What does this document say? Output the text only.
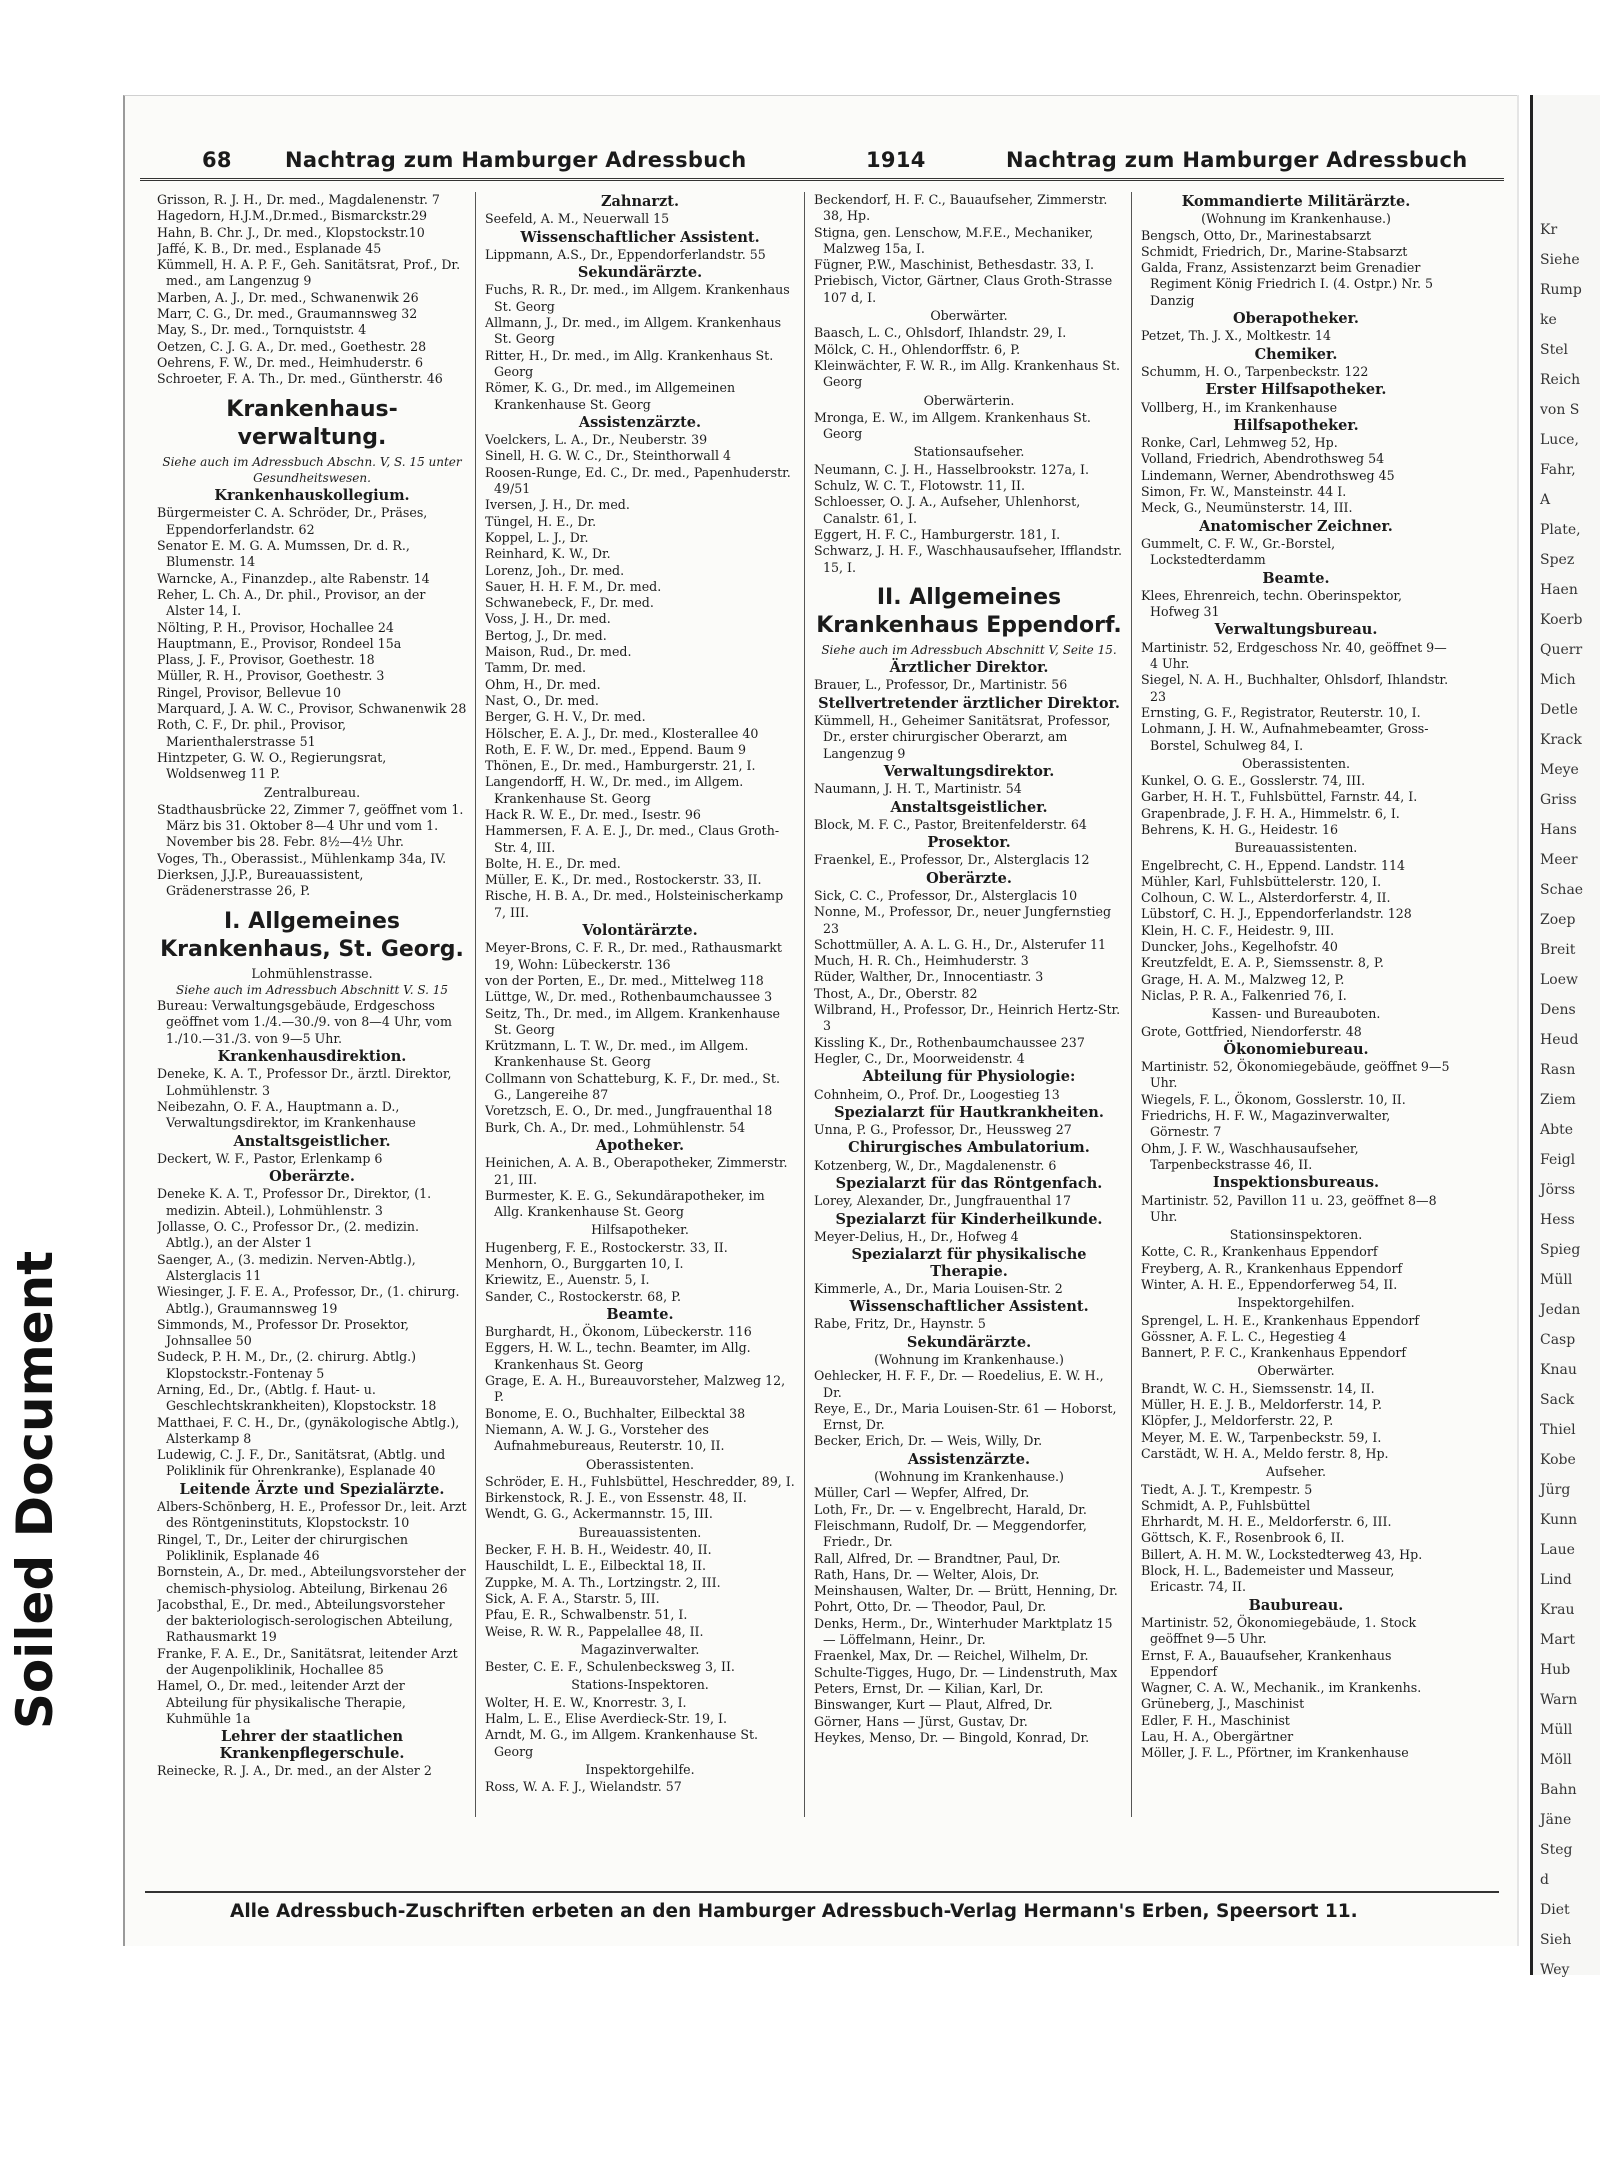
Soiled Document
68	Nachtrag zum Hamburger Adressbuch	1914	Nachtrag zum Hamburger Adressbuch

Grisson, R. J. H., Dr. med., Magdalenenstr. 7

Hagedorn, H.J.M.,Dr.med., Bismarckstr.29

Hahn, B. Chr. J., Dr. med., Klopstockstr.10

Jaffé, K. B., Dr. med., Esplanade 45

Kümmell, H. A. P. F., Geh. Sanitätsrat, Prof., Dr. med., am Langenzug 9

Marben, A. J., Dr. med., Schwanenwik 26

Marr, C. G., Dr. med., Graumannsweg 32

May, S., Dr. med., Tornquiststr. 4

Oetzen, C. J. G. A., Dr. med., Goethestr. 28

Oehrens, F. W., Dr. med., Heimhuderstr. 6

Schroeter, F. A. Th., Dr. med., Güntherstr. 46

Krankenhaus-verwaltung.

Siehe auch im Adressbuch Abschn. V, S. 15 unter Gesundheitswesen.

Krankenhauskollegium.

Bürgermeister C. A. Schröder, Dr., Präses, Eppendorferlandstr. 62

Senator E. M. G. A. Mumssen, Dr. d. R., Blumenstr. 14

Warncke, A., Finanzdep., alte Rabenstr. 14

Reher, L. Ch. A., Dr. phil., Provisor, an der Alster 14, I.

Nölting, P. H., Provisor, Hochallee 24

Hauptmann, E., Provisor, Rondeel 15a

Plass, J. F., Provisor, Goethestr. 18

Müller, R. H., Provisor, Goethestr. 3

Ringel, Provisor, Bellevue 10

Marquard, J. A. W. C., Provisor, Schwanenwik 28

Roth, C. F., Dr. phil., Provisor, Marienthalerstrasse 51

Hintzpeter, G. W. O., Regierungsrat, Woldsenweg 11 P.

Zentralbureau.

Stadthausbrücke 22, Zimmer 7, geöffnet vom 1. März bis 31. Oktober 8—4 Uhr und vom 1. November bis 28. Febr. 8½—4½ Uhr.

Voges, Th., Oberassist., Mühlenkamp 34a, IV.

Dierksen, J.J.P., Bureauassistent, Grädenerstrasse 26, P.

I. Allgemeines Krankenhaus, St. Georg.

Lohmühlenstrasse.

Siehe auch im Adressbuch Abschnitt V. S. 15

Bureau: Verwaltungsgebäude, Erdgeschoss geöffnet vom 1./4.—30./9. von 8—4 Uhr, vom 1./10.—31./3. von 9—5 Uhr.

Krankenhausdirektion.

Deneke, K. A. T., Professor Dr., ärztl. Direktor, Lohmühlenstr. 3

Neibezahn, O. F. A., Hauptmann a. D., Verwaltungsdirektor, im Krankenhause

Anstaltsgeistlicher.

Deckert, W. F., Pastor, Erlenkamp 6

Oberärzte.

Deneke K. A. T., Professor Dr., Direktor, (1. medizin. Abteil.), Lohmühlenstr. 3

Jollasse, O. C., Professor Dr., (2. medizin. Abtlg.), an der Alster 1

Saenger, A., (3. medizin. Nerven-Abtlg.), Alsterglacis 11

Wiesinger, J. F. E. A., Professor, Dr., (1. chirurg. Abtlg.), Graumannsweg 19

Simmonds, M., Professor Dr. Prosektor, Johnsallee 50

Sudeck, P. H. M., Dr., (2. chirurg. Abtlg.) Klopstockstr.-Fontenay 5

Arning, Ed., Dr., (Abtlg. f. Haut- u. Geschlechtskrankheiten), Klopstockstr. 18

Matthaei, F. C. H., Dr., (gynäkologische Abtlg.), Alsterkamp 8

Ludewig, C. J. F., Dr., Sanitätsrat, (Abtlg. und Poliklinik für Ohrenkranke), Esplanade 40

Leitende Ärzte und Spezialärzte.

Albers-Schönberg, H. E., Professor Dr., leit. Arzt des Röntgeninstituts, Klopstockstr. 10

Ringel, T., Dr., Leiter der chirurgischen Poliklinik, Esplanade 46

Bornstein, A., Dr. med., Abteilungsvorsteher der chemisch-physiolog. Abteilung, Birkenau 26

Jacobsthal, E., Dr. med., Abteilungsvorsteher der bakteriologisch-serologischen Abteilung, Rathausmarkt 19

Franke, F. A. E., Dr., Sanitätsrat, leitender Arzt der Augenpoliklinik, Hochallee 85

Hamel, O., Dr. med., leitender Arzt der Abteilung für physikalische Therapie, Kuhmühle 1a

Lehrer der staatlichen Krankenpflegerschule.

Reinecke, R. J. A., Dr. med., an der Alster 2

Zahnarzt.

Seefeld, A. M., Neuerwall 15

Wissenschaftlicher Assistent.

Lippmann, A.S., Dr., Eppendorferlandstr. 55

Sekundärärzte.

Fuchs, R. R., Dr. med., im Allgem. Krankenhaus St. Georg

Allmann, J., Dr. med., im Allgem. Krankenhaus St. Georg

Ritter, H., Dr. med., im Allg. Krankenhaus St. Georg

Römer, K. G., Dr. med., im Allgemeinen Krankenhause St. Georg

Assistenzärzte.

Voelckers, L. A., Dr., Neuberstr. 39

Sinell, H. G. W. C., Dr., Steinthorwall 4

Roosen-Runge, Ed. C., Dr. med., Papenhuderstr. 49/51

Iversen, J. H., Dr. med.

Tüngel, H. E., Dr.

Koppel, L. J., Dr.

Reinhard, K. W., Dr.

Lorenz, Joh., Dr. med.

Sauer, H. H. F. M., Dr. med.

Schwanebeck, F., Dr. med.

Voss, J. H., Dr. med.

Bertog, J., Dr. med.

Maison, Rud., Dr. med.

Tamm, Dr. med.

Ohm, H., Dr. med.

Nast, O., Dr. med.

Berger, G. H. V., Dr. med.

Hölscher, E. A. J., Dr. med., Klosterallee 40

Roth, E. F. W., Dr. med., Eppend. Baum 9

Thönen, E., Dr. med., Hamburgerstr. 21, I.

Langendorff, H. W., Dr. med., im Allgem. Krankenhause St. Georg

Hack R. W. E., Dr. med., Isestr. 96

Hammersen, F. A. E. J., Dr. med., Claus Groth-Str. 4, III.

Bolte, H. E., Dr. med.

Müller, E. K., Dr. med., Rostockerstr. 33, II.

Rische, H. B. A., Dr. med., Holsteinischerkamp 7, III.

Volontärärzte.

Meyer-Brons, C. F. R., Dr. med., Rathausmarkt 19, Wohn: Lübeckerstr. 136

von der Porten, E., Dr. med., Mittelweg 118

Lüttge, W., Dr. med., Rothenbaumchaussee 3

Seitz, Th., Dr. med., im Allgem. Krankenhause St. Georg

Krützmann, L. T. W., Dr. med., im Allgem. Krankenhause St. Georg

Collmann von Schatteburg, K. F., Dr. med., St. G., Langereihe 87

Voretzsch, E. O., Dr. med., Jungfrauenthal 18

Burk, Ch. A., Dr. med., Lohmühlenstr. 54

Apotheker.

Heinichen, A. A. B., Oberapotheker, Zimmerstr. 21, III.

Burmester, K. E. G., Sekundärapotheker, im Allg. Krankenhause St. Georg

Hilfsapotheker.

Hugenberg, F. E., Rostockerstr. 33, II.

Menhorn, O., Burggarten 10, I.

Kriewitz, E., Auenstr. 5, I.

Sander, C., Rostockerstr. 68, P.

Beamte.

Burghardt, H., Ökonom, Lübeckerstr. 116

Eggers, H. W. L., techn. Beamter, im Allg. Krankenhaus St. Georg

Grage, E. A. H., Bureauvorsteher, Malzweg 12, P.

Bonome, E. O., Buchhalter, Eilbecktal 38

Niemann, A. W. J. G., Vorsteher des Aufnahmebureaus, Reuterstr. 10, II.

Oberassistenten.

Schröder, E. H., Fuhlsbüttel, Heschredder, 89, I.

Birkenstock, R. J. E., von Essenstr. 48, II.

Wendt, G. G., Ackermannstr. 15, III.

Bureauassistenten.

Becker, F. H. B. H., Weidestr. 40, II.

Hauschildt, L. E., Eilbecktal 18, II.

Zuppke, M. A. Th., Lortzingstr. 2, III.

Sick, A. F. A., Starstr. 5, III.

Pfau, E. R., Schwalbenstr. 51, I.

Weise, R. W. R., Pappelallee 48, II.

Magazinverwalter.

Bester, C. E. F., Schulenbecksweg 3, II.

Stations-Inspektoren.

Wolter, H. E. W., Knorrestr. 3, I.

Halm, L. E., Elise Averdieck-Str. 19, I.

Arndt, M. G., im Allgem. Krankenhause St. Georg

Inspektorgehilfe.

Ross, W. A. F. J., Wielandstr. 57

Beckendorf, H. F. C., Bauaufseher, Zimmerstr. 38, Hp.

Stigna, gen. Lenschow, M.F.E., Mechaniker, Malzweg 15a, I.

Fügner, P.W., Maschinist, Bethesdastr. 33, I.

Priebisch, Victor, Gärtner, Claus Groth-Strasse 107 d, I.

Oberwärter.

Baasch, L. C., Ohlsdorf, Ihlandstr. 29, I.

Mölck, C. H., Ohlendorffstr. 6, P.

Kleinwächter, F. W. R., im Allg. Krankenhaus St. Georg

Oberwärterin.

Mronga, E. W., im Allgem. Krankenhaus St. Georg

Stationsaufseher.

Neumann, C. J. H., Hasselbrookstr. 127a, I.

Schulz, W. C. T., Flotowstr. 11, II.

Schloesser, O. J. A., Aufseher, Uhlenhorst, Canalstr. 61, I.

Eggert, H. F. C., Hamburgerstr. 181, I.

Schwarz, J. H. F., Waschhausaufseher, Ifflandstr. 15, I.

II. Allgemeines Krankenhaus Eppendorf.

Siehe auch im Adressbuch Abschnitt V, Seite 15.

Ärztlicher Direktor.

Brauer, L., Professor, Dr., Martinistr. 56

Stellvertretender ärztlicher Direktor.

Kümmell, H., Geheimer Sanitätsrat, Professor, Dr., erster chirurgischer Oberarzt, am Langenzug 9

Verwaltungsdirektor.

Naumann, J. H. T., Martinistr. 54

Anstaltsgeistlicher.

Block, M. F. C., Pastor, Breitenfelderstr. 64

Prosektor.

Fraenkel, E., Professor, Dr., Alsterglacis 12

Oberärzte.

Sick, C. C., Professor, Dr., Alsterglacis 10

Nonne, M., Professor, Dr., neuer Jungfernstieg 23

Schottmüller, A. A. L. G. H., Dr., Alsterufer 11

Much, H. R. Ch., Heimhuderstr. 3

Rüder, Walther, Dr., Innocentiastr. 3

Thost, A., Dr., Oberstr. 82

Wilbrand, H., Professor, Dr., Heinrich Hertz-Str. 3

Kissling K., Dr., Rothenbaumchaussee 237

Hegler, C., Dr., Moorweidenstr. 4

Abteilung für Physiologie:

Cohnheim, O., Prof. Dr., Loogestieg 13

Spezialarzt für Hautkrankheiten.

Unna, P. G., Professor, Dr., Heussweg 27

Chirurgisches Ambulatorium.

Kotzenberg, W., Dr., Magdalenenstr. 6

Spezialarzt für das Röntgenfach.

Lorey, Alexander, Dr., Jungfrauenthal 17

Spezialarzt für Kinderheilkunde.

Meyer-Delius, H., Dr., Hofweg 4

Spezialarzt für physikalische Therapie.

Kimmerle, A., Dr., Maria Louisen-Str. 2

Wissenschaftlicher Assistent.

Rabe, Fritz, Dr., Haynstr. 5

Sekundärärzte.

(Wohnung im Krankenhause.)

Oehlecker, H. F. F., Dr. — Roedelius, E. W. H., Dr.

Reye, E., Dr., Maria Louisen-Str. 61 — Hoborst, Ernst, Dr.

Becker, Erich, Dr. — Weis, Willy, Dr.

Assistenzärzte.

(Wohnung im Krankenhause.)

Müller, Carl — Wepfer, Alfred, Dr.

Loth, Fr., Dr. — v. Engelbrecht, Harald, Dr.

Fleischmann, Rudolf, Dr. — Meggendorfer, Friedr., Dr.

Rall, Alfred, Dr. — Brandtner, Paul, Dr.

Rath, Hans, Dr. — Welter, Alois, Dr.

Meinshausen, Walter, Dr. — Brütt, Henning, Dr.

Pohrt, Otto, Dr. — Theodor, Paul, Dr.

Denks, Herm., Dr., Winterhuder Marktplatz 15 — Löffelmann, Heinr., Dr.

Fraenkel, Max, Dr. — Reichel, Wilhelm, Dr.

Schulte-Tigges, Hugo, Dr. — Lindenstruth, Max

Peters, Ernst, Dr. — Kilian, Karl, Dr.

Binswanger, Kurt — Plaut, Alfred, Dr.

Görner, Hans — Jürst, Gustav, Dr.

Heykes, Menso, Dr. — Bingold, Konrad, Dr.

Kommandierte Militärärzte.

(Wohnung im Krankenhause.)

Bengsch, Otto, Dr., Marinestabsarzt

Schmidt, Friedrich, Dr., Marine-Stabsarzt

Galda, Franz, Assistenzarzt beim Grenadier Regiment König Friedrich I. (4. Ostpr.) Nr. 5 Danzig

Oberapotheker.

Petzet, Th. J. X., Moltkestr. 14

Chemiker.

Schumm, H. O., Tarpenbeckstr. 122

Erster Hilfsapotheker.

Vollberg, H., im Krankenhause

Hilfsapotheker.

Ronke, Carl, Lehmweg 52, Hp.

Volland, Friedrich, Abendrothsweg 54

Lindemann, Werner, Abendrothsweg 45

Simon, Fr. W., Mansteinstr. 44 I.

Meck, G., Neumünsterstr. 14, III.

Anatomischer Zeichner.

Gummelt, C. F. W., Gr.-Borstel, Lockstedterdamm

Beamte.

Klees, Ehrenreich, techn. Oberinspektor, Hofweg 31

Verwaltungsbureau.

Martinistr. 52, Erdgeschoss Nr. 40, geöffnet 9—4 Uhr.

Siegel, N. A. H., Buchhalter, Ohlsdorf, Ihlandstr. 23

Ernsting, G. F., Registrator, Reuterstr. 10, I.

Lohmann, J. H. W., Aufnahmebeamter, Gross-Borstel, Schulweg 84, I.

Oberassistenten.

Kunkel, O. G. E., Gosslerstr. 74, III.

Garber, H. H. T., Fuhlsbüttel, Farnstr. 44, I.

Grapenbrade, J. F. H. A., Himmelstr. 6, I.

Behrens, K. H. G., Heidestr. 16

Bureauassistenten.

Engelbrecht, C. H., Eppend. Landstr. 114

Mühler, Karl, Fuhlsbüttelerstr. 120, I.

Colhoun, C. W. L., Alsterdorferstr. 4, II.

Lübstorf, C. H. J., Eppendorferlandstr. 128

Klein, H. C. F., Heidestr. 9, III.

Duncker, Johs., Kegelhofstr. 40

Kreutzfeldt, E. A. P., Siemssenstr. 8, P.

Grage, H. A. M., Malzweg 12, P.

Niclas, P. R. A., Falkenried 76, I.

Kassen- und Bureauboten.

Grote, Gottfried, Niendorferstr. 48

Ökonomiebureau.

Martinistr. 52, Ökonomiegebäude, geöffnet 9—5 Uhr.

Wiegels, F. L., Ökonom, Gosslerstr. 10, II.

Friedrichs, H. F. W., Magazinverwalter, Görnestr. 7

Ohm, J. F. W., Waschhausaufseher, Tarpenbeckstrasse 46, II.

Inspektionsbureaus.

Martinistr. 52, Pavillon 11 u. 23, geöffnet 8—8 Uhr.

Stationsinspektoren.

Kotte, C. R., Krankenhaus Eppendorf

Freyberg, A. R., Krankenhaus Eppendorf

Winter, A. H. E., Eppendorferweg 54, II.

Inspektorgehilfen.

Sprengel, L. H. E., Krankenhaus Eppendorf

Gössner, A. F. L. C., Hegestieg 4

Bannert, P. F. C., Krankenhaus Eppendorf

Oberwärter.

Brandt, W. C. H., Siemssenstr. 14, II.

Müller, H. E. J. B., Meldorferstr. 14, P.

Klöpfer, J., Meldorferstr. 22, P.

Meyer, M. E. W., Tarpenbeckstr. 59, I.

Carstädt, W. H. A., Meldo ferstr. 8, Hp.

Aufseher.

Tiedt, A. J. T., Krempestr. 5

Schmidt, A. P., Fuhlsbüttel

Ehrhardt, M. H. E., Meldorferstr. 6, III.

Göttsch, K. F., Rosenbrook 6, II.

Billert, A. H. M. W., Lockstedterweg 43, Hp.

Block, H. L., Bademeister und Masseur, Ericastr. 74, II.

Baubureau.

Martinistr. 52, Ökonomiegebäude, 1. Stock geöffnet 9—5 Uhr.

Ernst, F. A., Bauaufseher, Krankenhaus Eppendorf

Wagner, C. A. W., Mechanik., im Krankenhs.

Grüneberg, J., Maschinist

Edler, F. H., Maschinist

Lau, H. A., Obergärtner

Möller, J. F. L., Pförtner, im Krankenhause

Alle Adressbuch-Zuschriften erbeten an den Hamburger Adressbuch-Verlag Hermann's Erben, Speersort 11.
Kr
Siehe
Rump
ke
Stel
Reich
von S
Luce,
Fahr,
A
Plate,
Spez
Haen
Koerb
Querr
Mich
Detle
Krack
Meye
Griss
Hans
Meer
Schae
Zoep
Breit
Loew
Dens
Heud
Rasn
Ziem
Abte
Feigl
Jörss
Hess
Spieg
Müll
Jedan
Casp
Knau
Sack
Thiel
Kobe
Jürg
Kunn
Laue
Lind
Krau
Mart
Hub
Warn
Müll
Möll
Bahn
Jäne
Steg
d
Diet
Sieh
Wey
